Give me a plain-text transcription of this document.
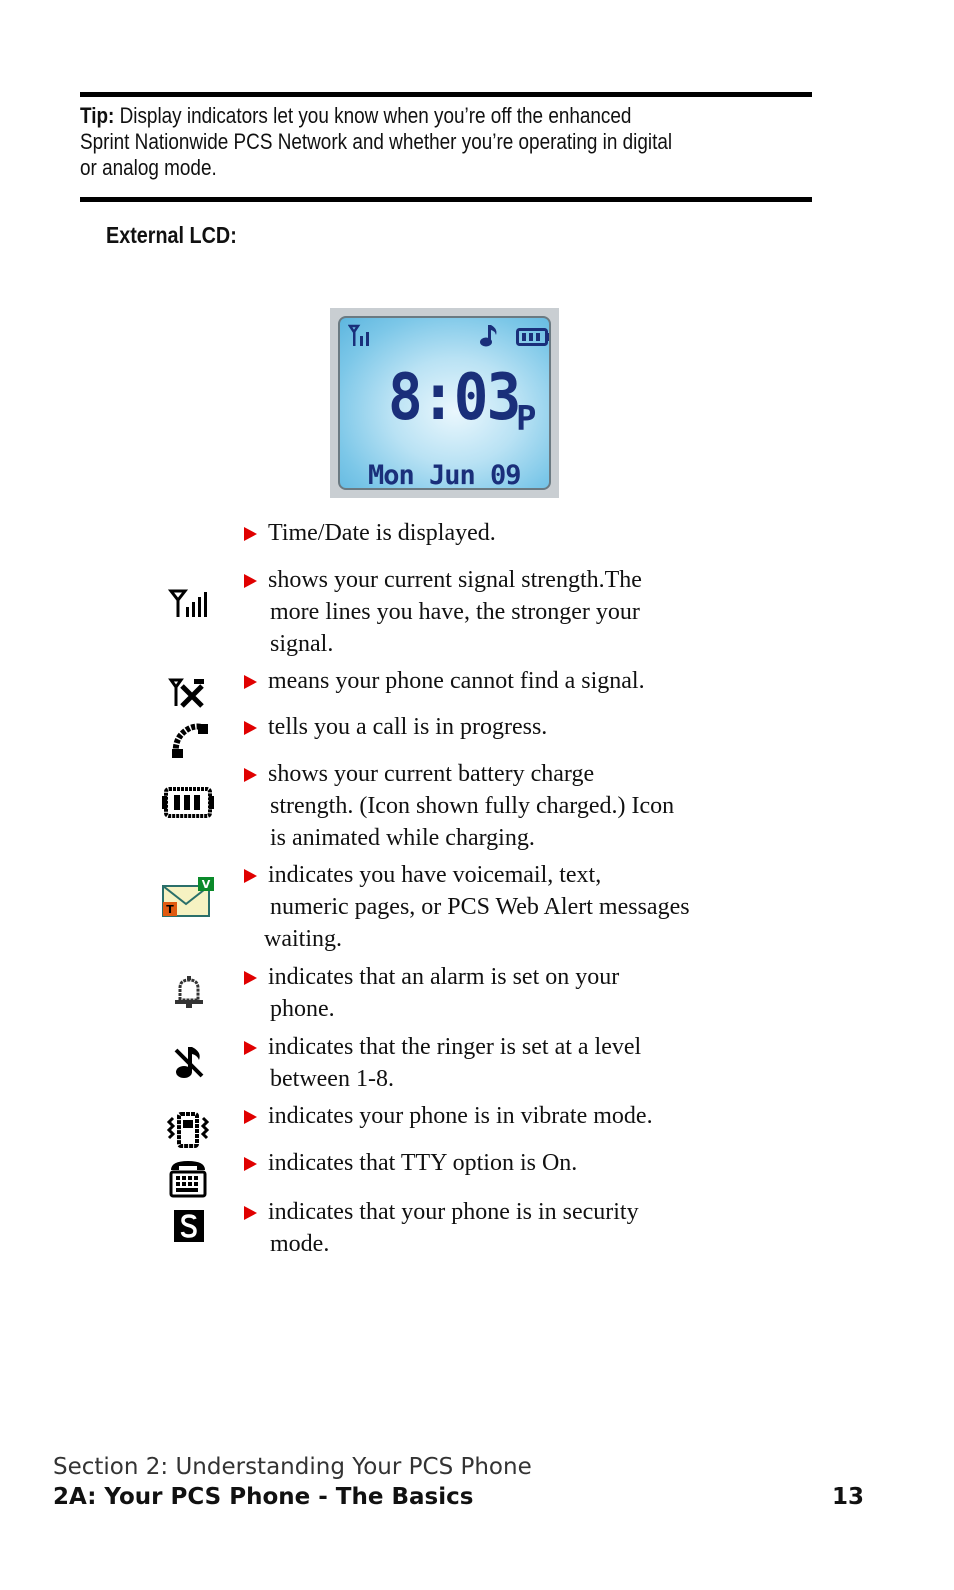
Tip: Display indicators let you know when you’re off the enhanced
Sprint Nationwide PCS Network and whether you’re operating in digital
or analog mode.
External LCD:
8:03
P
Mon Jun 09
Time/Date is displayed.
shows your current signal strength.The
more lines you have, the stronger your
signal.
means your phone cannot find a signal.
tells you a call is in progress.
shows your current battery charge
strength. (Icon shown fully charged.) Icon
is animated while charging.
V
T
indicates you have voicemail, text,
numeric pages, or PCS Web Alert messages
waiting.
indicates that an alarm is set on your
phone.
indicates that the ringer is set at a level
between 1-8.
indicates your phone is in vibrate mode.
indicates that TTY option is On.
indicates that your phone is in security
mode.
Section 2: Understanding Your PCS Phone
2A: Your PCS Phone - The Basics	13
